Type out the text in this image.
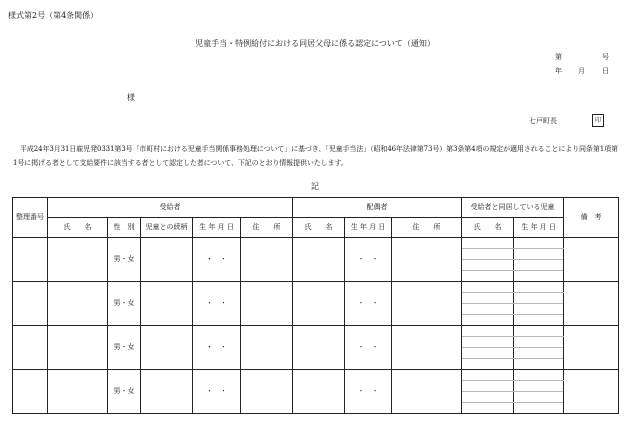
様式第2号（第4条関係）
児童手当・特例給付における同居父母に係る認定について（通知）
第	号
年 月 日
様
七戸町長	印
平成24年3月31日雇児発0331第3号「市町村における児童手当関係事務処理について」に基づき、「児童手当法」（昭和46年法律第73号）第3条第4項の規定が適用されることにより同条第1項第1号に掲げる者として支給要件に該当する者として認定した者について、下記のとおり情報提供いたします。
記
整理番号	受給者					配偶者			受給者と同居している児童		備　考
	氏　　名	性　別	児童との続柄	生 年 月 日	住　　所	氏　　名	生 年 月 日	住　　所	氏　　名	生 年 月 日	
		男・女		・　・			・　・				

		男・女		・　・			・　・				

		男・女		・　・			・　・				

		男・女		・　・			・　・				
